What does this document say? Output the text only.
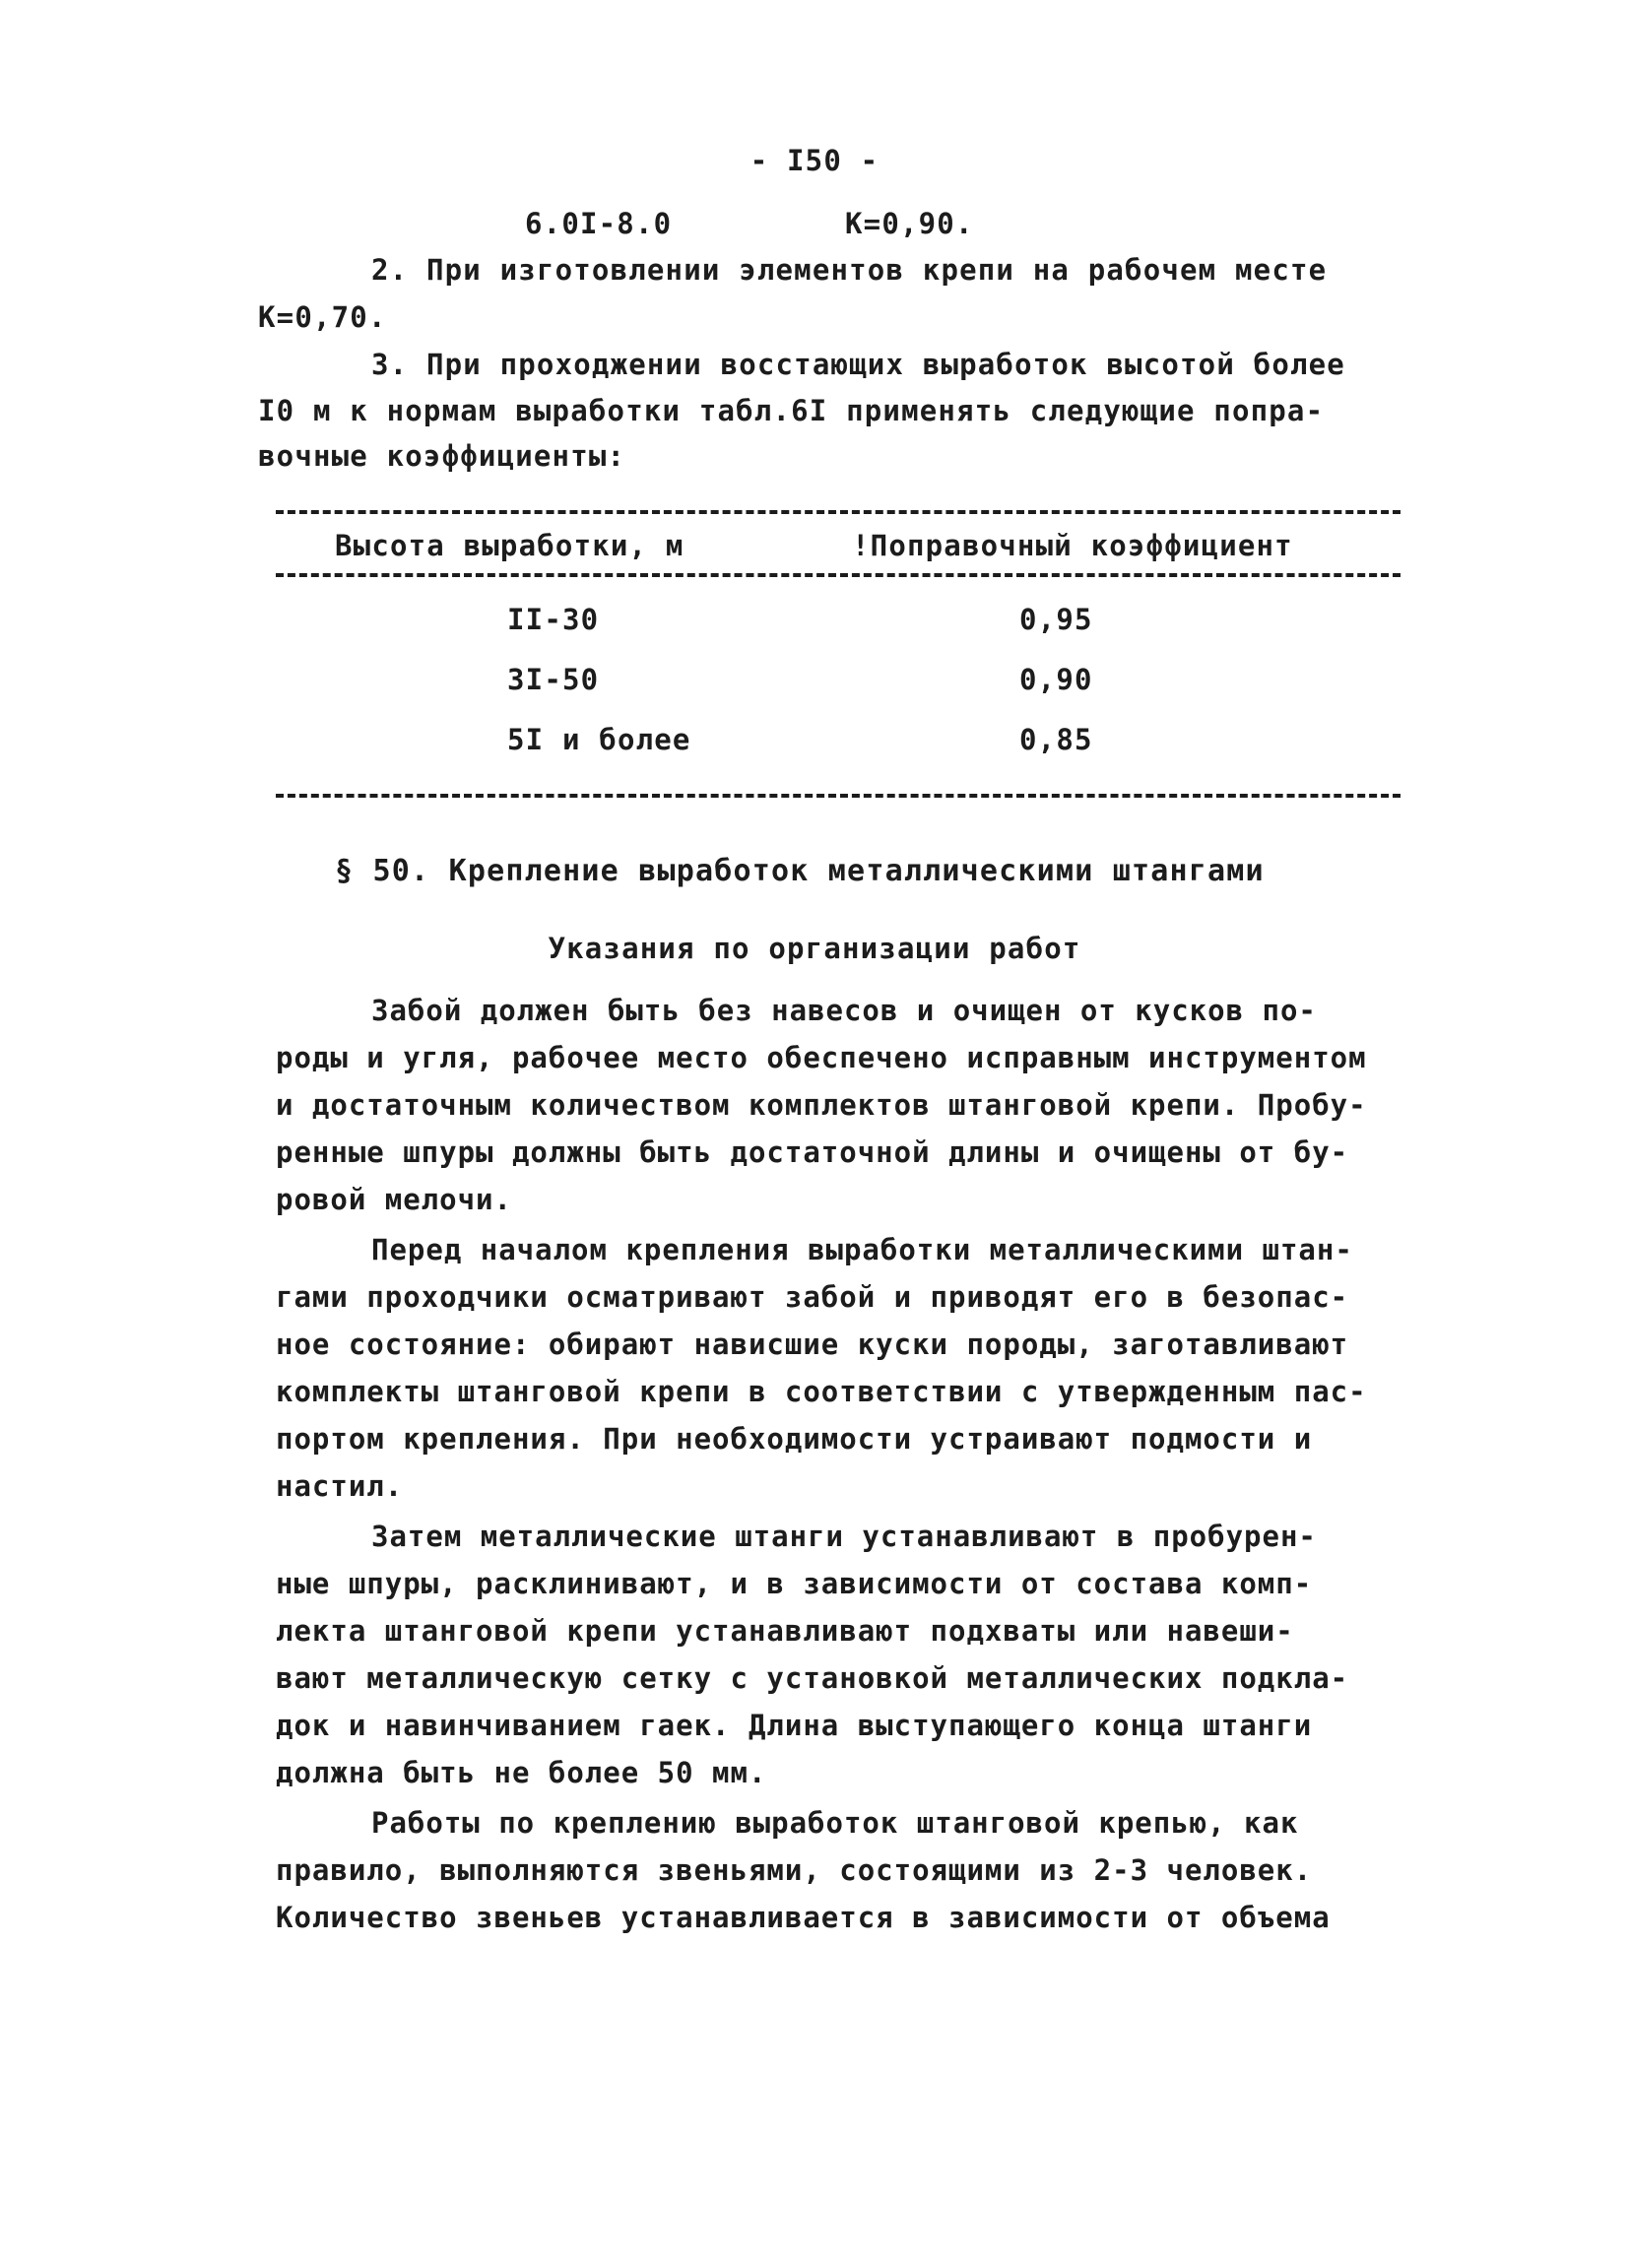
- I50 -
6.0I-8.0	K=0,90.
2. При изготовлении элементов крепи на рабочем месте
K=0,70.
3. При проходжении восстающих выработок высотой более
I0 м к нормам выработки табл.6I применять следующие попра-
вочные коэффициенты:
Высота выработки, м	!Поправочный коэффициент
II-30	0,95
3I-50	0,90
5I и более	0,85
§ 50. Крепление выработок металлическими штангами
Указания по организации работ
Забой должен быть без навесов и очищен от кусков по-
роды и угля, рабочее место обеспечено исправным инструментом
и достаточным количеством комплектов штанговой крепи. Пробу-
ренные шпуры должны быть достаточной длины и очищены от бу-
ровой мелочи.
Перед началом крепления выработки металлическими штан-
гами проходчики осматривают забой и приводят его в безопас-
ное состояние: обирают нависшие куски породы, заготавливают
комплекты штанговой крепи в соответствии с утвержденным пас-
портом крепления. При необходимости устраивают подмости и
настил.
Затем металлические штанги устанавливают в пробурен-
ные шпуры, расклинивают, и в зависимости от состава комп-
лекта штанговой крепи устанавливают подхваты или навеши-
вают металлическую сетку с установкой металлических подкла-
док и навинчиванием гаек. Длина выступающего конца штанги
должна быть не более 50 мм.
Работы по креплению выработок штанговой крепью, как
правило, выполняются звеньями, состоящими из 2-3 человек.
Количество звеньев устанавливается в зависимости от объема
